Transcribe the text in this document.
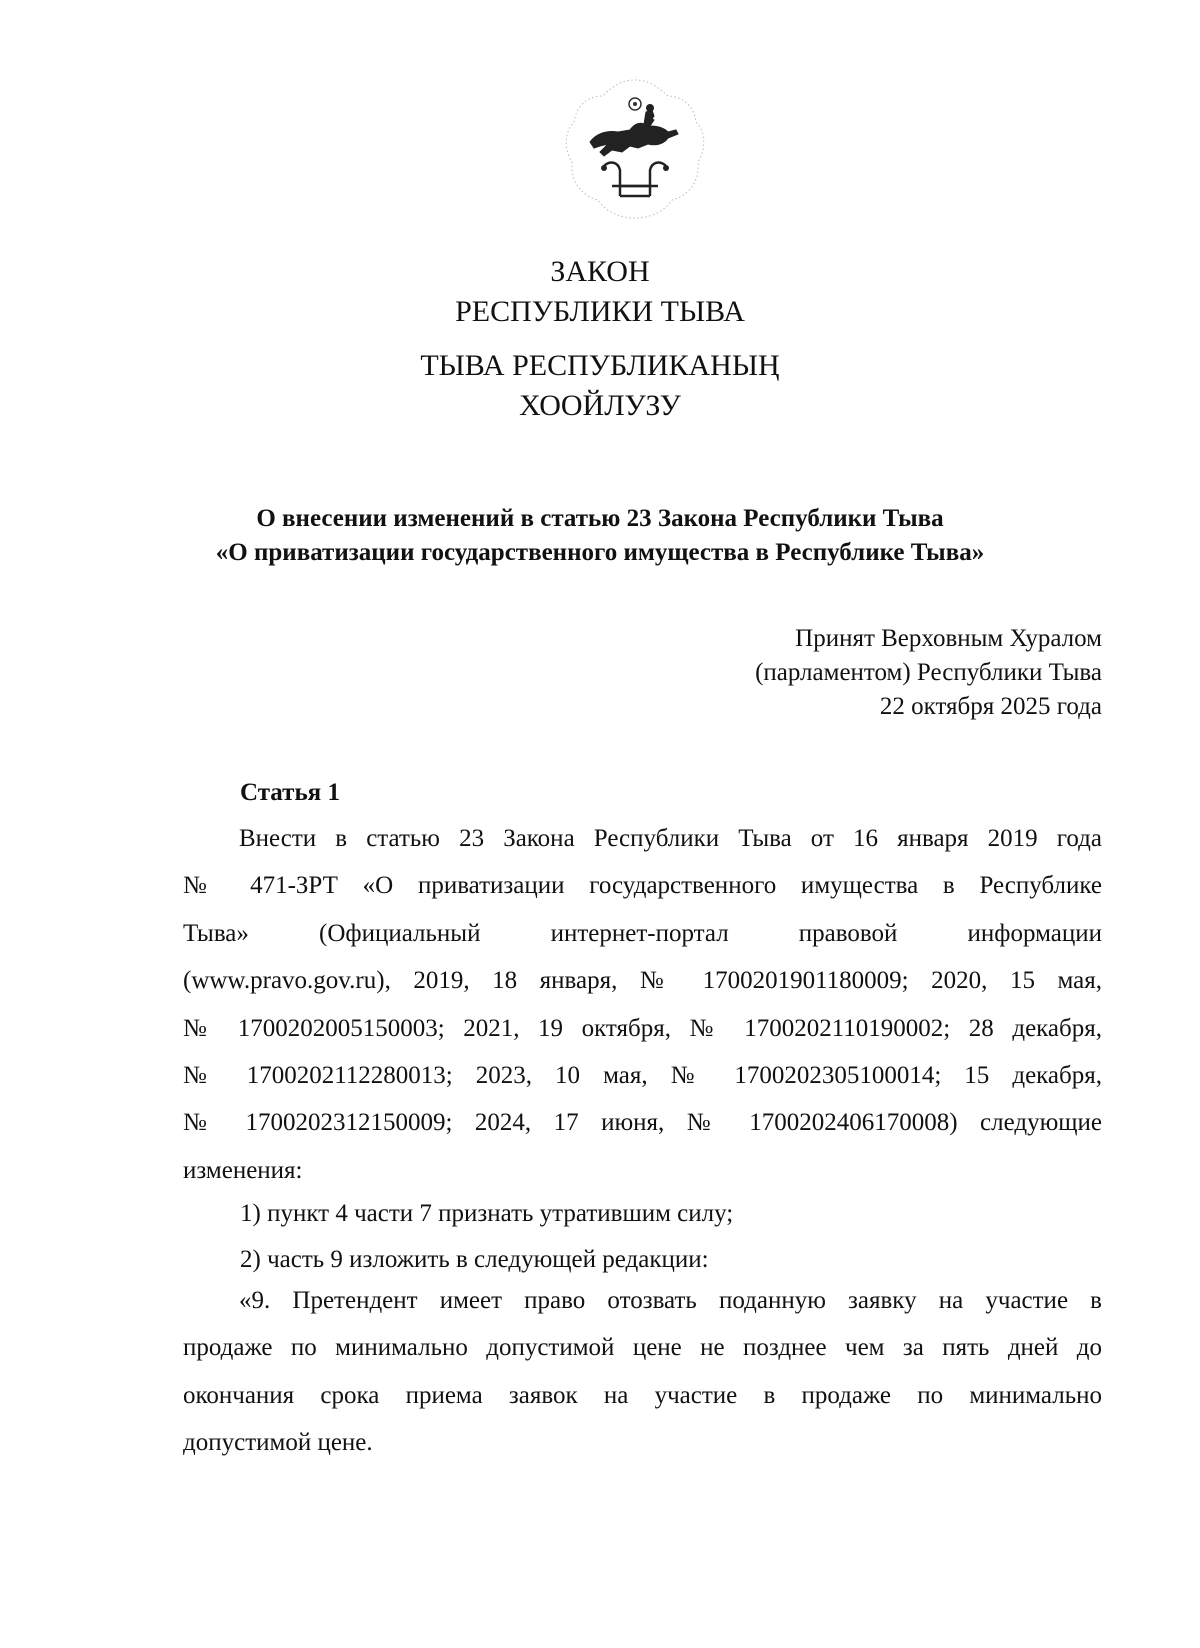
ЗАКОН
РЕСПУБЛИКИ ТЫВА
ТЫВА РЕСПУБЛИКАНЫҢ
ХООЙЛУЗУ
О внесении изменений в статью 23 Закона Республики Тыва
«О приватизации государственного имущества в Республике Тыва»
Принят Верховным Хуралом
(парламентом) Республики Тыва
22 октября 2025 года
Статья 1
Внести в статью 23 Закона Республики Тыва от 16 января 2019 года
№ 471-ЗРТ «О приватизации государственного имущества в Республике
Тыва» (Официальный интернет-портал правовой информации
(www.pravo.gov.ru), 2019, 18 января, № 1700201901180009; 2020, 15 мая,
№ 1700202005150003; 2021, 19 октября, № 1700202110190002; 28 декабря,
№ 1700202112280013; 2023, 10 мая, № 1700202305100014; 15 декабря,
№ 1700202312150009; 2024, 17 июня, № 1700202406170008) следующие
изменения:
1) пункт 4 части 7 признать утратившим силу;
2) часть 9 изложить в следующей редакции:
«9. Претендент имеет право отозвать поданную заявку на участие в
продаже по минимально допустимой цене не позднее чем за пять дней до
окончания срока приема заявок на участие в продаже по минимально
допустимой цене.
